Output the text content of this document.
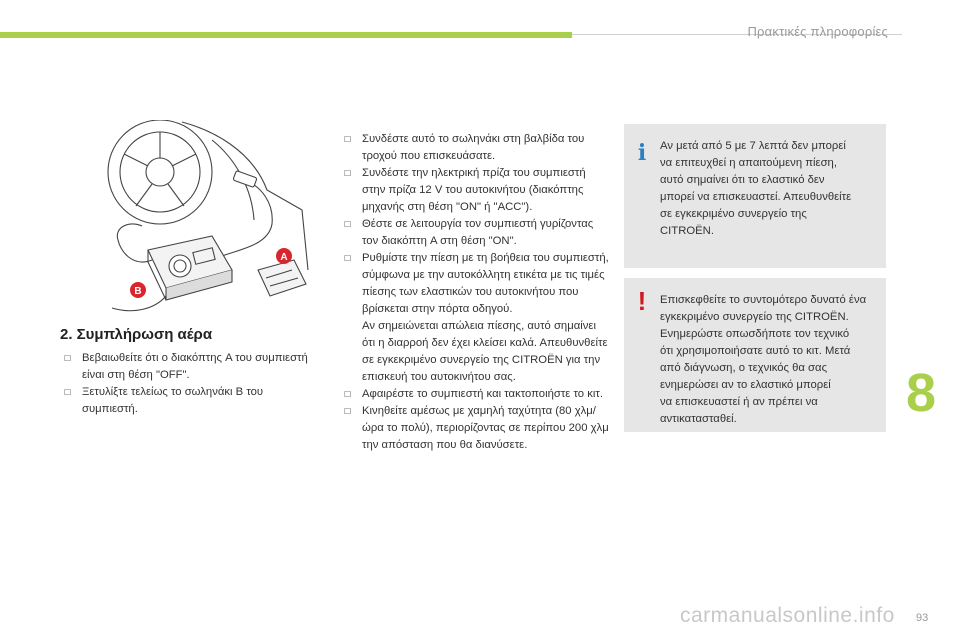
Πρακτικές πληροφορίες
A
B
2. Συμπλήρωση αέρα
☐ Βεβαιωθείτε ότι ο διακόπτης A του συμπιεστή είναι στη θέση "OFF".
☐ Ξετυλίξτε τελείως το σωληνάκι B του συμπιεστή.
☐ Συνδέστε αυτό το σωληνάκι στη βαλβίδα του τροχού που επισκευάσατε.
☐ Συνδέστε την ηλεκτρική πρίζα του συμπιεστή στην πρίζα 12 V του αυτοκινήτου (διακόπτης μηχανής στη θέση "ON" ή "ACC").
☐ Θέστε σε λειτουργία τον συμπιεστή γυρίζοντας τον διακόπτη A στη θέση "ON".
☐ Ρυθμίστε την πίεση με τη βοήθεια του συμπιεστή, σύμφωνα με την αυτοκόλλητη ετικέτα με τις τιμές πίεσης των ελαστικών του αυτοκινήτου που βρίσκεται στην πόρτα οδηγού.
Αν σημειώνεται απώλεια πίεσης, αυτό σημαίνει ότι η διαρροή δεν έχει κλείσει καλά. Απευθυνθείτε σε εγκεκριμένο συνεργείο της CITROËN για την επισκευή του αυτοκινήτου σας.
☐ Αφαιρέστε το συμπιεστή και τακτοποιήστε το κιτ.
☐ Κινηθείτε αμέσως με χαμηλή ταχύτητα (80 χλμ/ώρα το πολύ), περιορίζοντας σε περίπου 200 χλμ την απόσταση που θα διανύσετε.
i	Αν μετά από 5 με 7 λεπτά δεν μπορεί
να επιτευχθεί η απαιτούμενη πίεση,
αυτό σημαίνει ότι το ελαστικό δεν
μπορεί να επισκευαστεί. Απευθυνθείτε
σε εγκεκριμένο συνεργείο της
CITROËN.
!	Επισκεφθείτε το συντομότερο δυνατό ένα
εγκεκριμένο συνεργείο της CITROËN.
Ενημερώστε οπωσδήποτε τον τεχνικό
ότι χρησιμοποιήσατε αυτό το κιτ. Μετά
από διάγνωση, ο τεχνικός θα σας
ενημερώσει αν το ελαστικό μπορεί
να επισκευαστεί ή αν πρέπει να
αντικατασταθεί.	8
carmanualsonline.info 93
